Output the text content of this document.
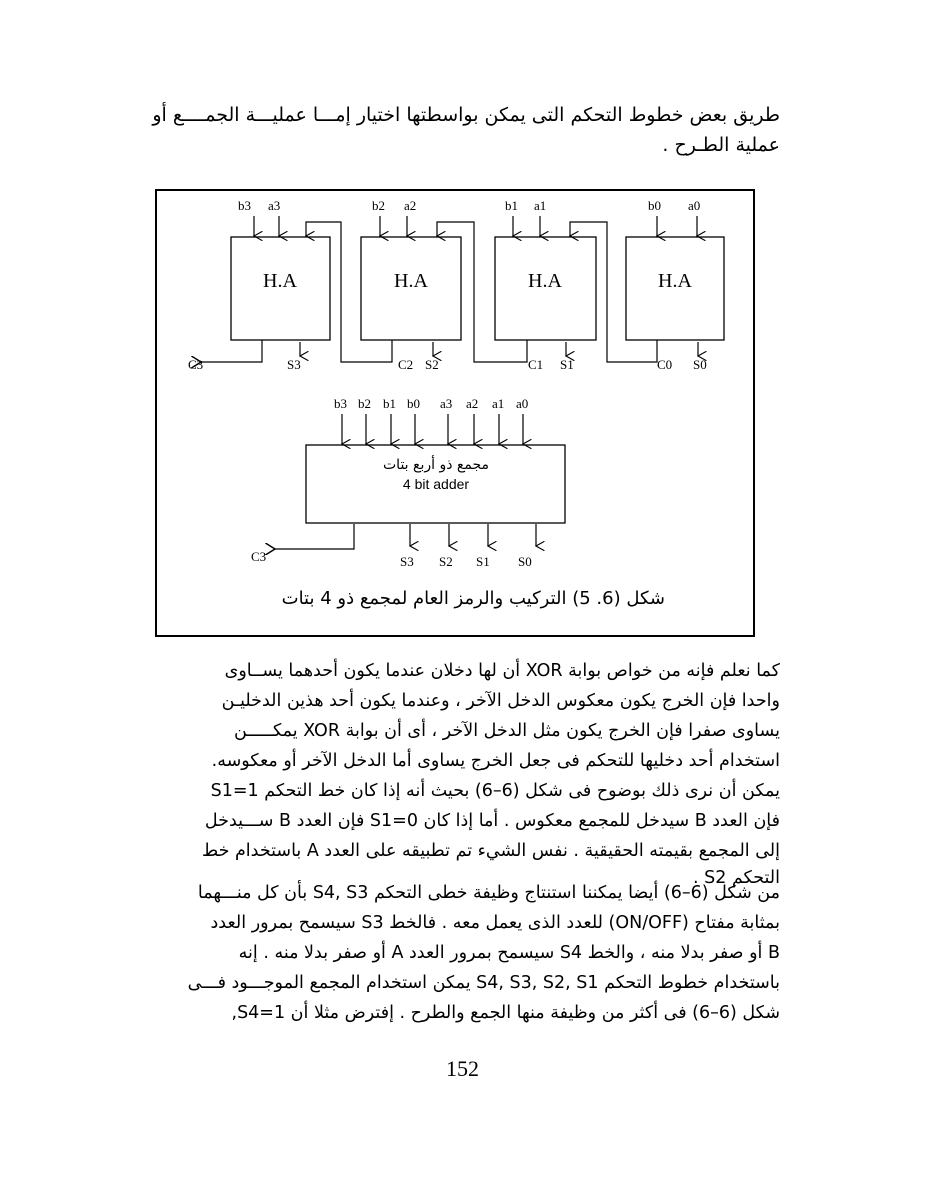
طريق بعض خطوط التحكم التى يمكن بواسطتها اختيار إمـــا عمليـــة الجمــــع أو
عملية الطـرح .
H.A
b3 a3
C3	S3
H.A
b2 a2
C2 S2
H.A
b1 a1
C1 S1
H.A
b0 a0
C0 S0
b3 b2 b1 b0 a3 a2 a1 a0
مجمع ذو أربع بتات
4 bit adder
C3	S3 S2 S1 S0
شكل (6. 5) التركيب والرمز العام لمجمع ذو 4 بتات
كما نعلم فإنه من خواص بوابة XOR أن لها دخلان عندما يكون أحدهما يســاوى
واحدا فإن الخرج يكون معكوس الدخل الآخر ، وعندما يكون أحد هذين الدخليـن
يساوى صفرا فإن الخرج يكون مثل الدخل الآخر ، أى أن بوابة XOR يمكـــــن
استخدام أحد دخليها للتحكم فى جعل الخرج يساوى أما الدخل الآخر أو معكوسه.
يمكن أن نرى ذلك بوضوح فى شكل (6–6) بحيث أنه إذا كان خط التحكم S1=1
فإن العدد B سيدخل للمجمع معكوس . أما إذا كان S1=0 فإن العدد B ســـيدخل
إلى المجمع بقيمته الحقيقية . نفس الشيء تم تطبيقه على العدد A باستخدام خط
التحكم S2 .
من شكل (6–6) أيضا يمكننا استنتاج وظيفة خطى التحكم S4, S3 بأن كل منـــهما
بمثابة مفتاح (ON/OFF) للعدد الذى يعمل معه . فالخط S3 سيسمح بمرور العدد
B أو صفر بدلا منه ، والخط S4 سيسمح بمرور العدد A أو صفر بدلا منه . إنه
باستخدام خطوط التحكم S4, S3, S2, S1 يمكن استخدام المجمع الموجـــود فـــى
شكل (6–6) فى أكثر من وظيفة منها الجمع والطرح . إفترض مثلا أن S4=1,
152
